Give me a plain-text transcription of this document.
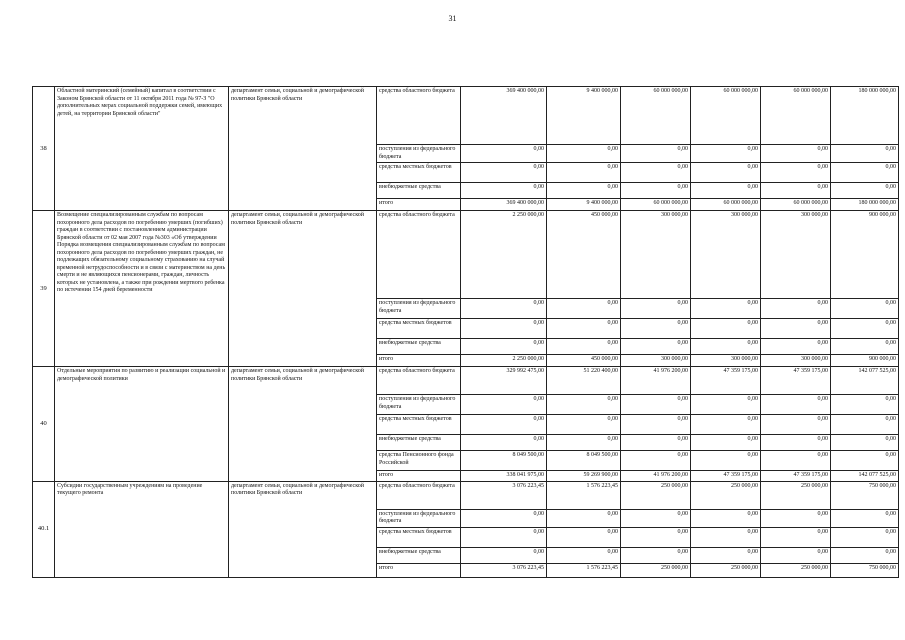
31
38	Областной материнский (семейный) капитал в соответствии с Законом Брянской области от 11 октября 2011 года № 97-З "О дополнительных мерах социальной поддержки семей, имеющих детей, на территории Брянской области"	департамент семьи, социальной и демографической политики Брянской области	средства областного бюджета	369 400 000,00	9 400 000,00	60 000 000,00	60 000 000,00	60 000 000,00	180 000 000,00
			поступления из федерального бюджета	0,00	0,00	0,00	0,00	0,00	0,00
			средства местных бюджетов	0,00	0,00	0,00	0,00	0,00	0,00
			внебюджетные средства	0,00	0,00	0,00	0,00	0,00	0,00
			итого	369 400 000,00	9 400 000,00	60 000 000,00	60 000 000,00	60 000 000,00	180 000 000,00
39	Возмещение специализированным службам по вопросам похоронного дела расходов по погребению умерших (погибших) граждан в соответствии с постановлением администрации Брянской области от 02 мая 2007 года №303 «Об утверждении Порядка возмещения специализированным службам по вопросам похоронного дела расходов по погребению умерших граждан, не подлежащих обязательному социальному страхованию на случай временной нетрудоспособности и в связи с материнством на день смерти и не являющихся пенсионерами, граждан, личность которых не установлена, а также при рождении мертвого ребенка по истечении 154 дней беременности	департамент семьи, социальной и демографической политики Брянской области	средства областного бюджета	2 250 000,00	450 000,00	300 000,00	300 000,00	300 000,00	900 000,00
			поступления из федерального бюджета	0,00	0,00	0,00	0,00	0,00	0,00
			средства местных бюджетов	0,00	0,00	0,00	0,00	0,00	0,00
			внебюджетные средства	0,00	0,00	0,00	0,00	0,00	0,00
			итого	2 250 000,00	450 000,00	300 000,00	300 000,00	300 000,00	900 000,00
40	Отдельные мероприятия по развитию и реализации социальной и демографической политики	департамент семьи, социальной и демографической политики Брянской области	средства областного бюджета	329 992 475,00	51 220 400,00	41 976 200,00	47 359 175,00	47 359 175,00	142 077 525,00
			поступления из федерального бюджета	0,00	0,00	0,00	0,00	0,00	0,00
			средства местных бюджетов	0,00	0,00	0,00	0,00	0,00	0,00
			внебюджетные средства	0,00	0,00	0,00	0,00	0,00	0,00
			средства Пенсионного фонда Российской	8 049 500,00	8 049 500,00	0,00	0,00	0,00	0,00
			итого	338 041 975,00	59 269 900,00	41 976 200,00	47 359 175,00	47 359 175,00	142 077 525,00
40.1	Субсидии государственным учреждениям на проведение текущего ремонта	департамент семьи, социальной и демографической политики Брянской области	средства областного бюджета	3 076 223,45	1 576 223,45	250 000,00	250 000,00	250 000,00	750 000,00
			поступления из федерального бюджета	0,00	0,00	0,00	0,00	0,00	0,00
			средства местных бюджетов	0,00	0,00	0,00	0,00	0,00	0,00
			внебюджетные средства	0,00	0,00	0,00	0,00	0,00	0,00
			итого	3 076 223,45	1 576 223,45	250 000,00	250 000,00	250 000,00	750 000,00
